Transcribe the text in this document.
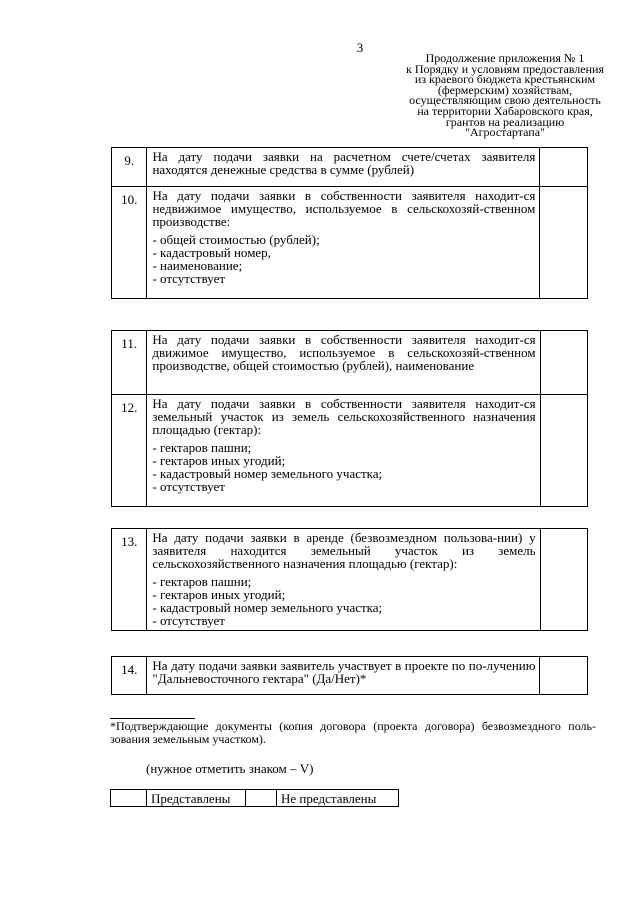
3
Продолжение приложения № 1
к Порядку и условиям предоставления
из краевого бюджета крестьянским
(фермерским) хозяйствам,
осуществляющим свою деятельность
на территории Хабаровского края,
грантов на реализацию
"Агростартапа"
9.	На дату подачи заявки на расчетном счете/счетах заявителя находятся денежные средства в сумме (рублей)	

10.	На дату подачи заявки в собственности заявителя находит-ся недвижимое имущество, используемое в сельскохозяй-ственном производстве:
- общей стоимостью (рублей);
- кадастровый номер,
- наименование;
- отсутствует	

11.	На дату подачи заявки в собственности заявителя находит-ся движимое имущество, используемое в сельскохозяй-ственном производстве, общей стоимостью (рублей), наименование	

12.	На дату подачи заявки в собственности заявителя находит-ся земельный участок из земель сельскохозяйственного назначения площадью (гектар):
- гектаров пашни;
- гектаров иных угодий;
- кадастровый номер земельного участка;
- отсутствует	

13.	На дату подачи заявки в аренде (безвозмездном пользова-нии) у заявителя находится земельный участок из земель сельскохозяйственного назначения площадью (гектар):
- гектаров пашни;
- гектаров иных угодий;
- кадастровый номер земельного участка;
- отсутствует

14.	На дату подачи заявки заявитель участвует в проекте по по-лучению "Дальневосточного гектара" (Да/Нет)*

*Подтверждающие документы (копия договора (проекта договора) безвозмездного поль-зования земельным участком).
(нужное отметить знаком – V)
	Представлены		Не представлены
